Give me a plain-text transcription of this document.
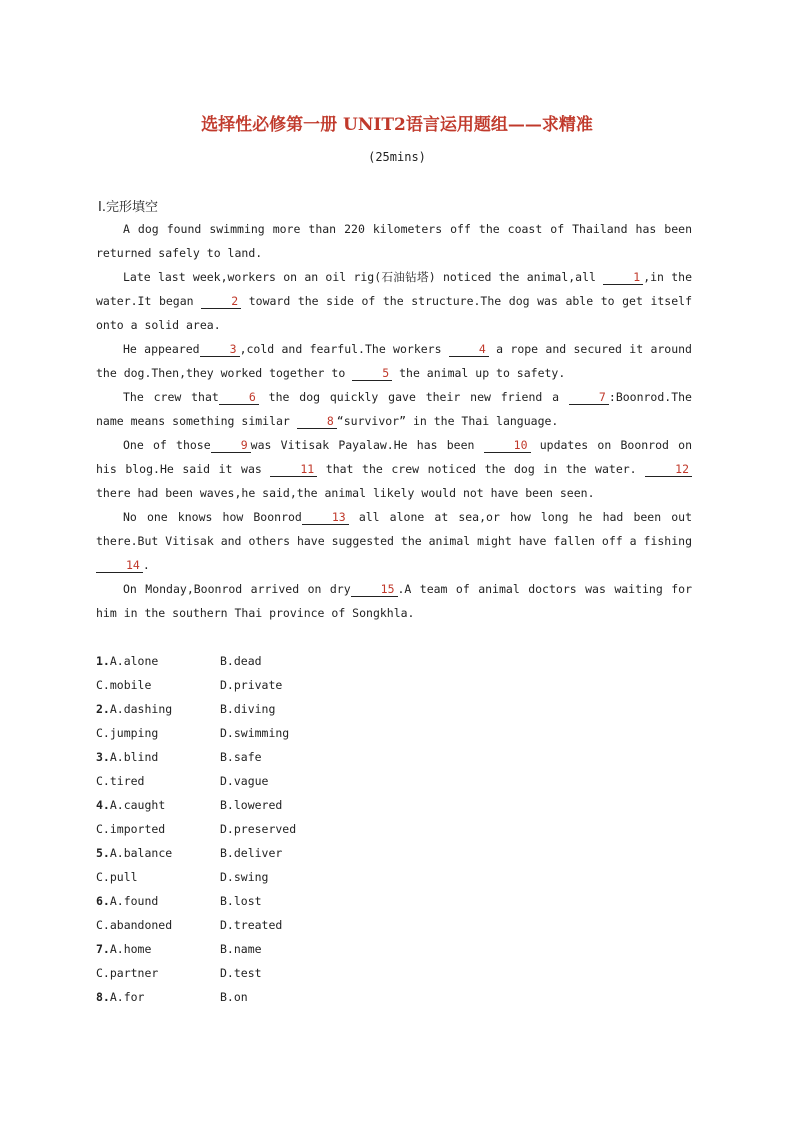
选择性必修第一册 UNIT2语言运用题组——求精准
(25mins)
Ⅰ.完形填空

A dog found swimming more than 220 kilometers off the coast of Thailand has been returned safely to land.

Late last week,workers on an oil rig(石油钻塔) noticed the animal,all	1 ,in the water.It began	2 toward the side of the structure.The dog was able to get itself onto a solid area.

He appeared	3 ,cold and fearful.The workers	4 a rope and secured it around the dog.Then,they worked together to	5 the animal up to safety.

The crew that	6 the dog quickly gave their new friend a	7 :Boonrod.The name means something similar	8 “survivor” in the Thai language.

One of those	9 was Vitisak Payalaw.He has been	10 updates on Boonrod on his blog.He said it was	11 that the crew noticed the dog in the water.	12 there had been waves,he said,the animal likely would not have been seen.

No one knows how Boonrod	13 all alone at sea,or how long he had been out there.But Vitisak and others have suggested the animal might have fallen off a fishing 14 .

On Monday,Boonrod arrived on dry	15 .A team of animal doctors was waiting for him in the southern Thai province of Songkhla.

1.A.alone	B.dead
C.mobile	D.private
2.A.dashing	B.diving
C.jumping	D.swimming
3.A.blind	B.safe
C.tired	D.vague
4.A.caught	B.lowered
C.imported	D.preserved
5.A.balance	B.deliver
C.pull	D.swing
6.A.found	B.lost
C.abandoned	D.treated
7.A.home	B.name
C.partner	D.test
8.A.for	B.on
